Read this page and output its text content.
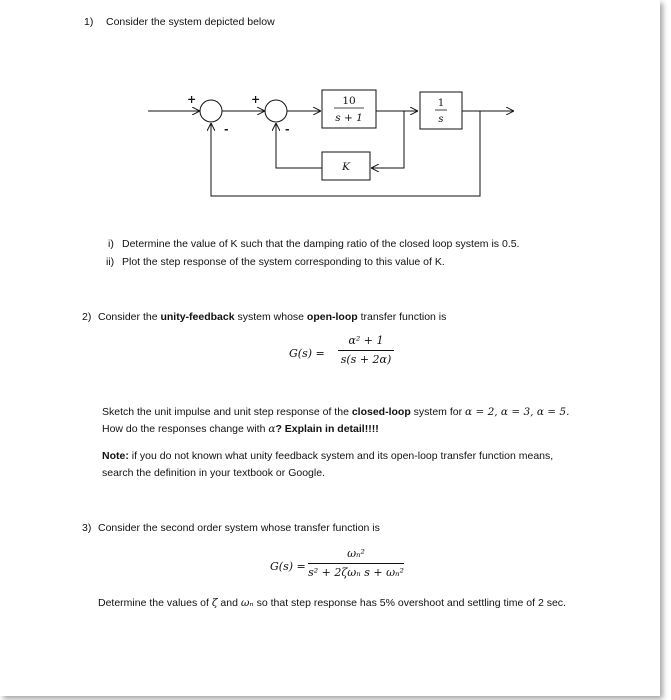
1) Consider the system depicted below
10
s + 1
1
s
K
+	+
-	-
i) Determine the value of K such that the damping ratio of the closed loop system is 0.5.
ii) Plot the step response of the system corresponding to this value of K.
2) Consider the unity-feedback system whose open-loop transfer function is
G(s) =
α² + 1
s(s + 2α)
Sketch the unit impulse and unit step response of the closed-loop system for α = 2, α = 3, α = 5.
How do the responses change with α? Explain in detail!!!!
Note: if you do not known what unity feedback system and its open-loop transfer function means,
search the definition in your textbook or Google.
3) Consider the second order system whose transfer function is
G(s) =
ωₙ²
s² + 2ζωₙ s + ωₙ²
Determine the values of ζ and ωₙ so that step response has 5% overshoot and settling time of 2 sec.
